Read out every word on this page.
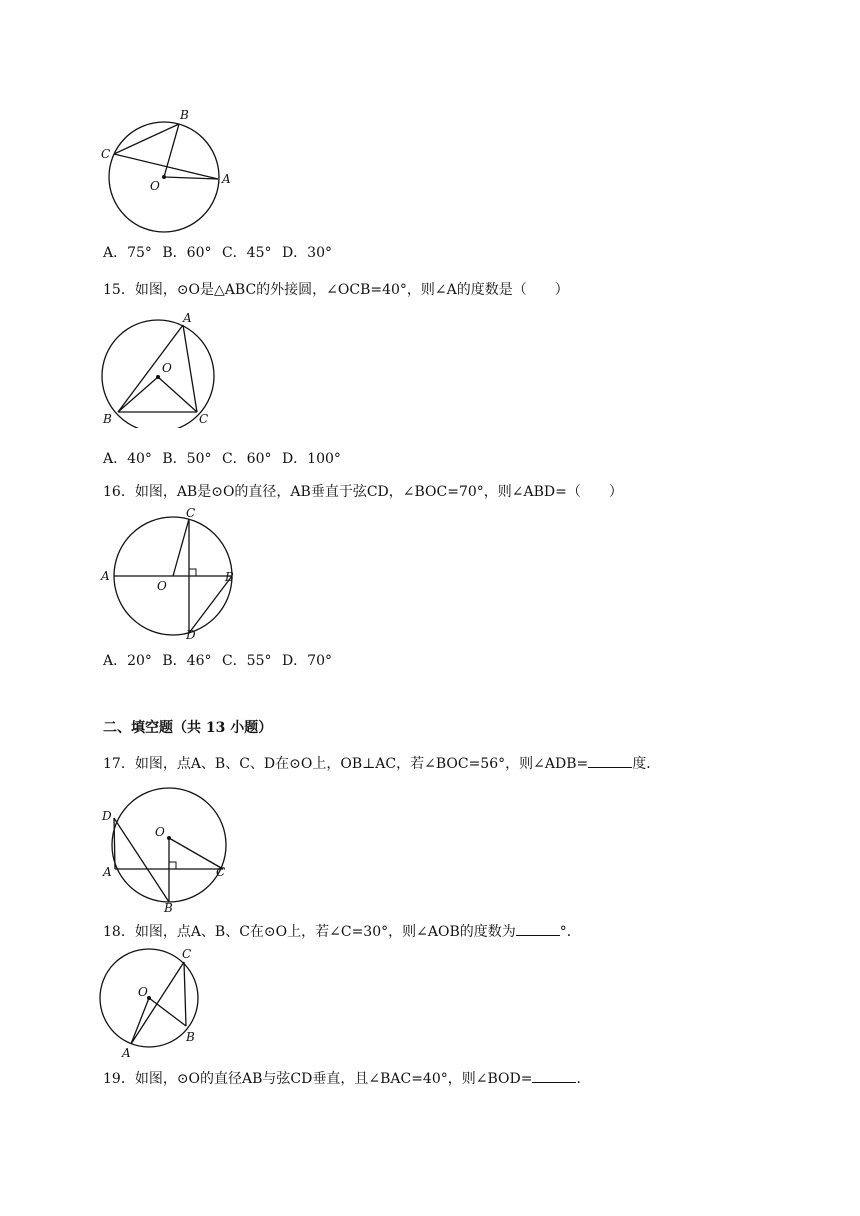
B
C
O	A
A．75° B．60° C．45° D．30°
15．如图，⊙O是△ABC的外接圆，∠OCB=40°，则∠A的度数是（　　）
A
O
B	C
A．40° B．50° C．60° D．100°
16．如图，AB是⊙O的直径，AB垂直于弦CD，∠BOC=70°，则∠ABD=（　　）
C
A
O
B
D
A．20° B．46° C．55° D．70°
二、填空题（共 13 小题）
17．如图，点A、B、C、D在⊙O上，OB⊥AC，若∠BOC=56°，则∠ADB=	度．
D
O
A	C
B
18．如图，点A、B、C在⊙O上，若∠C=30°，则∠AOB的度数为	°．
C
O
B
A
19．如图，⊙O的直径AB与弦CD垂直，且∠BAC=40°，则∠BOD=	．
